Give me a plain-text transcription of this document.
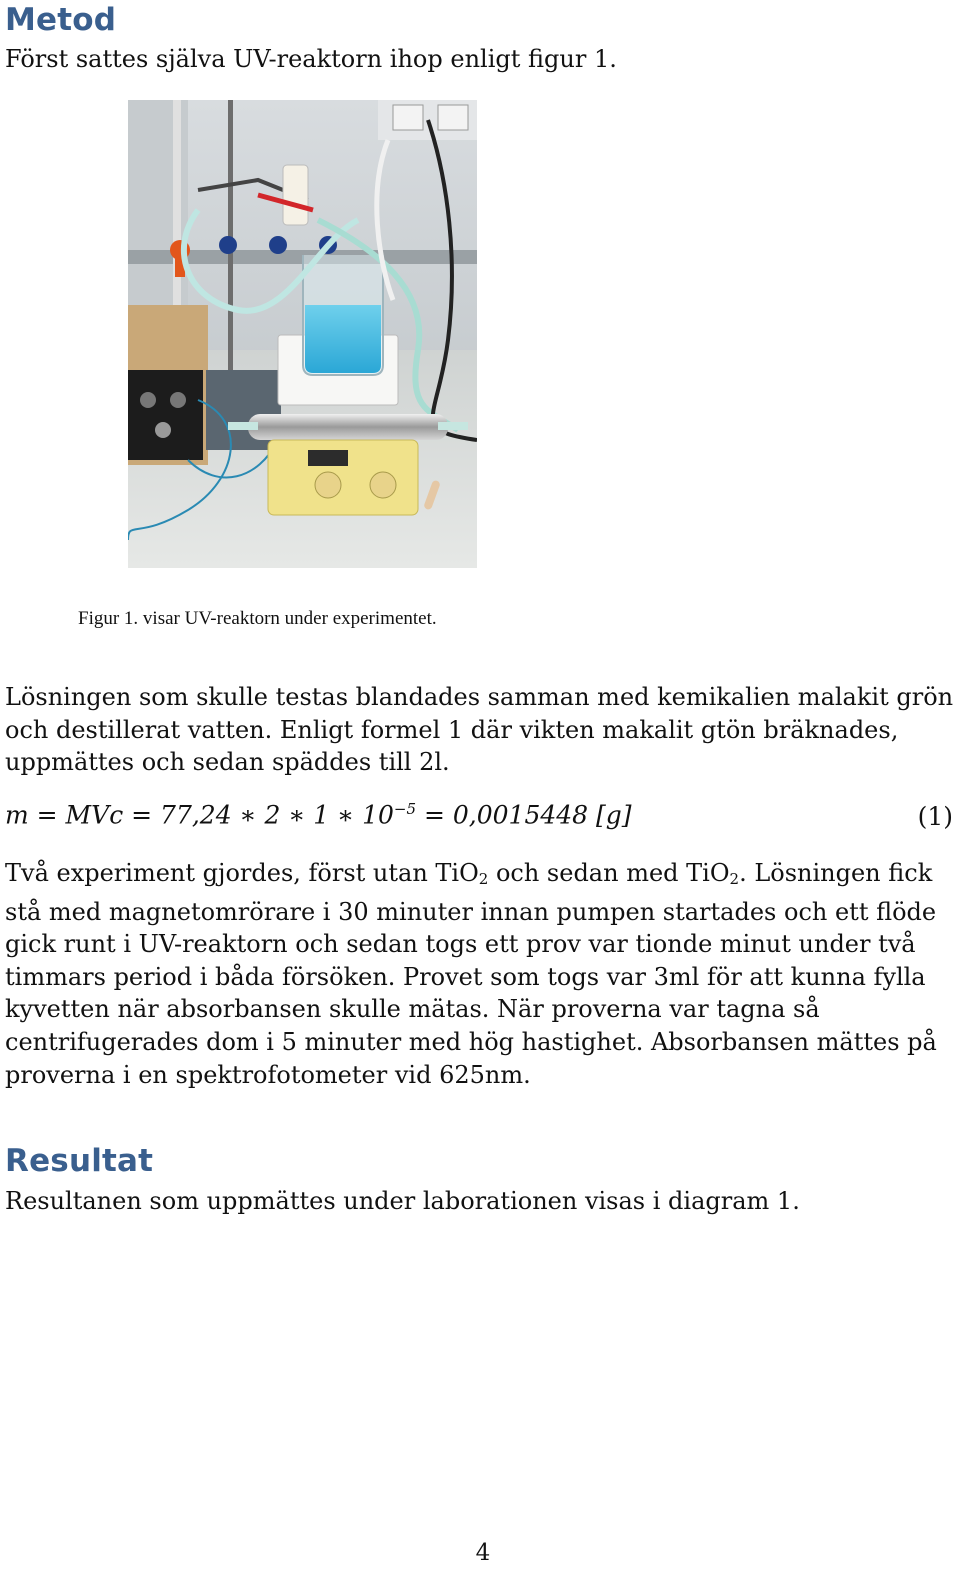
Metod

Först sattes själva UV-reaktorn ihop enligt figur 1.

Figur 1. visar UV-reaktorn under experimentet.

Lösningen som skulle testas blandades samman med kemikalien malakit grön och destillerat vatten. Enligt formel 1 där vikten makalit gtön bräknades, uppmättes och sedan späddes till 2l.

m = MVc = 77,24 ∗ 2 ∗ 1 ∗ $10^{-5} = 0,0015448$ [g]	(1)

Två experiment gjordes, först utan TiO$_2$ och sedan med TiO$_2$. Lösningen fick stå med magnetomrörare i 30 minuter innan pumpen startades och ett flöde gick runt i UV-reaktorn och sedan togs ett prov var tionde minut under två timmars period i båda försöken. Provet som togs var 3ml för att kunna fylla kyvetten när absorbansen skulle mätas. När proverna var tagna så centrifugerades dom i 5 minuter med hög hastighet. Absorbansen mättes på proverna i en spektrofotometer vid 625nm.

Resultat

Resultanen som uppmättes under laborationen visas i diagram 1.

4
